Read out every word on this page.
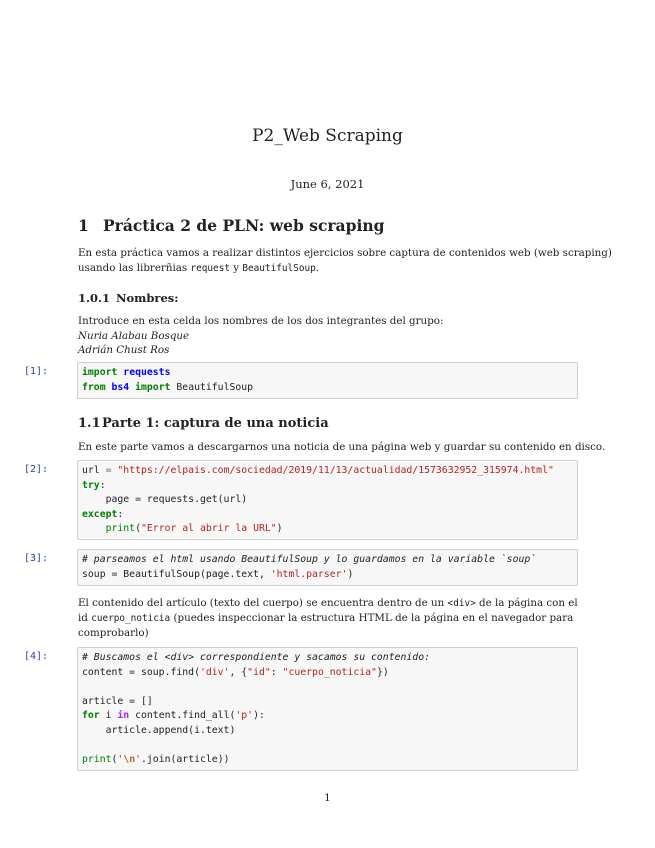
P2_Web Scraping
June 6, 2021
1 Práctica 2 de PLN: web scraping
En esta práctica vamos a realizar distintos ejercicios sobre captura de contenidos web (web scraping)
usando las librerñias request y BeautifulSoup.
1.0.1 Nombres:
Introduce en esta celda los nombres de los dos integrantes del grupo:
Nuria Alabau Bosque
Adrián Chust Ros
[1]:	import requests
from bs4 import BeautifulSoup
1.1Parte 1: captura de una noticia
En este parte vamos a descargarnos una noticia de una página web y guardar su contenido en disco.
[2]:	url = "https://elpais.com/sociedad/2019/11/13/actualidad/1573632952_315974.html"
try:
page = requests.get(url)
except:
print("Error al abrir la URL")
[3]:	# parseamos el html usando BeautifulSoup y lo guardamos en la variable `soup`
soup = BeautifulSoup(page.text, 'html.parser')
El contenido del artículo (texto del cuerpo) se encuentra dentro de un <div> de la página con el
id cuerpo_noticia (puedes inspeccionar la estructura HTML de la página en el navegador para
comprobarlo)
[4]:	# Buscamos el <div> correspondiente y sacamos su contenido:
content = soup.find('div', {"id": "cuerpo_noticia"})
article = []
for i in content.find_all('p'):
article.append(i.text)
print('\n'.join(article))
1
